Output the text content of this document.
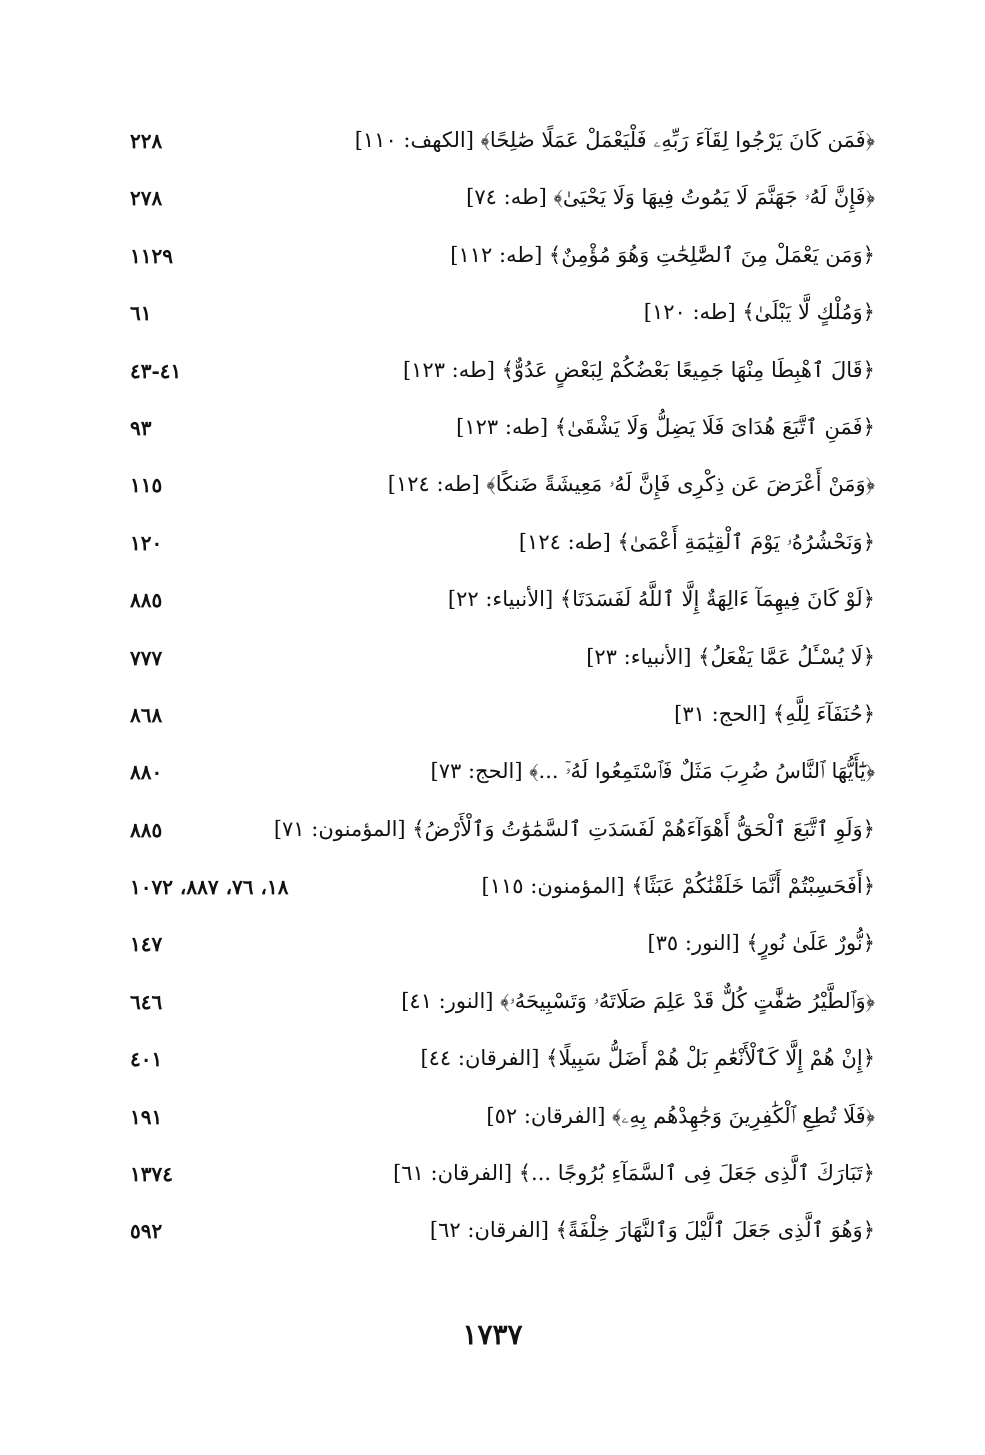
﴿فَمَن كَانَ يَرْجُوا لِقَآءَ رَبِّهِۦ فَلْيَعْمَلْ عَمَلًا صَٰلِحًا﴾ [الكهف: ١١٠]
٢٢٨
﴿فَإِنَّ لَهُۥ جَهَنَّمَ لَا يَمُوتُ فِيهَا وَلَا يَحْيَىٰ﴾ [طه: ٧٤]
٢٧٨
﴿وَمَن يَعْمَلْ مِنَ ٱلصَّٰلِحَٰتِ وَهُوَ مُؤْمِنٌ﴾ [طه: ١١٢]
١١٢٩
﴿وَمُلْكٍ لَّا يَبْلَىٰ﴾ [طه: ١٢٠]
٦١
﴿قَالَ ٱهْبِطَا مِنْهَا جَمِيعًا بَعْضُكُمْ لِبَعْضٍ عَدُوٌّ﴾ [طه: ١٢٣]
٤١-٤٣
﴿فَمَنِ ٱتَّبَعَ هُدَاىَ فَلَا يَضِلُّ وَلَا يَشْقَىٰ﴾ [طه: ١٢٣]
٩٣
﴿وَمَنْ أَعْرَضَ عَن ذِكْرِى فَإِنَّ لَهُۥ مَعِيشَةً ضَنكًا﴾ [طه: ١٢٤]
١١٥
﴿وَنَحْشُرُهُۥ يَوْمَ ٱلْقِيَٰمَةِ أَعْمَىٰ﴾ [طه: ١٢٤]
١٢٠
﴿لَوْ كَانَ فِيهِمَآ ءَالِهَةٌ إِلَّا ٱللَّهُ لَفَسَدَتَا﴾ [الأنبياء: ٢٢]
٨٨٥
﴿لَا يُسْـَٔلُ عَمَّا يَفْعَلُ﴾ [الأنبياء: ٢٣]
٧٧٧
﴿حُنَفَآءَ لِلَّهِ﴾ [الحج: ٣١]
٨٦٨
﴿يَٰٓأَيُّهَا ٱلنَّاسُ ضُرِبَ مَثَلٌ فَٱسْتَمِعُوا لَهُۥٓ ...﴾ [الحج: ٧٣]
٨٨٠
﴿وَلَوِ ٱتَّبَعَ ٱلْحَقُّ أَهْوَآءَهُمْ لَفَسَدَتِ ٱلسَّمَٰوَٰتُ وَٱلْأَرْضُ﴾ [المؤمنون: ٧١]
٨٨٥
﴿أَفَحَسِبْتُمْ أَنَّمَا خَلَقْنَٰكُمْ عَبَثًا﴾ [المؤمنون: ١١٥]
١٨، ٧٦، ٨٨٧، ١٠٧٢
﴿نُّورٌ عَلَىٰ نُورٍ﴾ [النور: ٣٥]
١٤٧
﴿وَٱلطَّيْرُ صَٰٓفَّٰتٍ كُلٌّ قَدْ عَلِمَ صَلَاتَهُۥ وَتَسْبِيحَهُۥ﴾ [النور: ٤١]
٦٤٦
﴿إِنْ هُمْ إِلَّا كَٱلْأَنْعَٰمِ بَلْ هُمْ أَضَلُّ سَبِيلًا﴾ [الفرقان: ٤٤]
٤٠١
﴿فَلَا تُطِعِ ٱلْكَٰفِرِينَ وَجَٰهِدْهُم بِهِۦ﴾ [الفرقان: ٥٢]
١٩١
﴿تَبَارَكَ ٱلَّذِى جَعَلَ فِى ٱلسَّمَآءِ بُرُوجًا ...﴾ [الفرقان: ٦١]
١٣٧٤
﴿وَهُوَ ٱلَّذِى جَعَلَ ٱلَّيْلَ وَٱلنَّهَارَ خِلْفَةً﴾ [الفرقان: ٦٢]
٥٩٢
١٧٣٧
